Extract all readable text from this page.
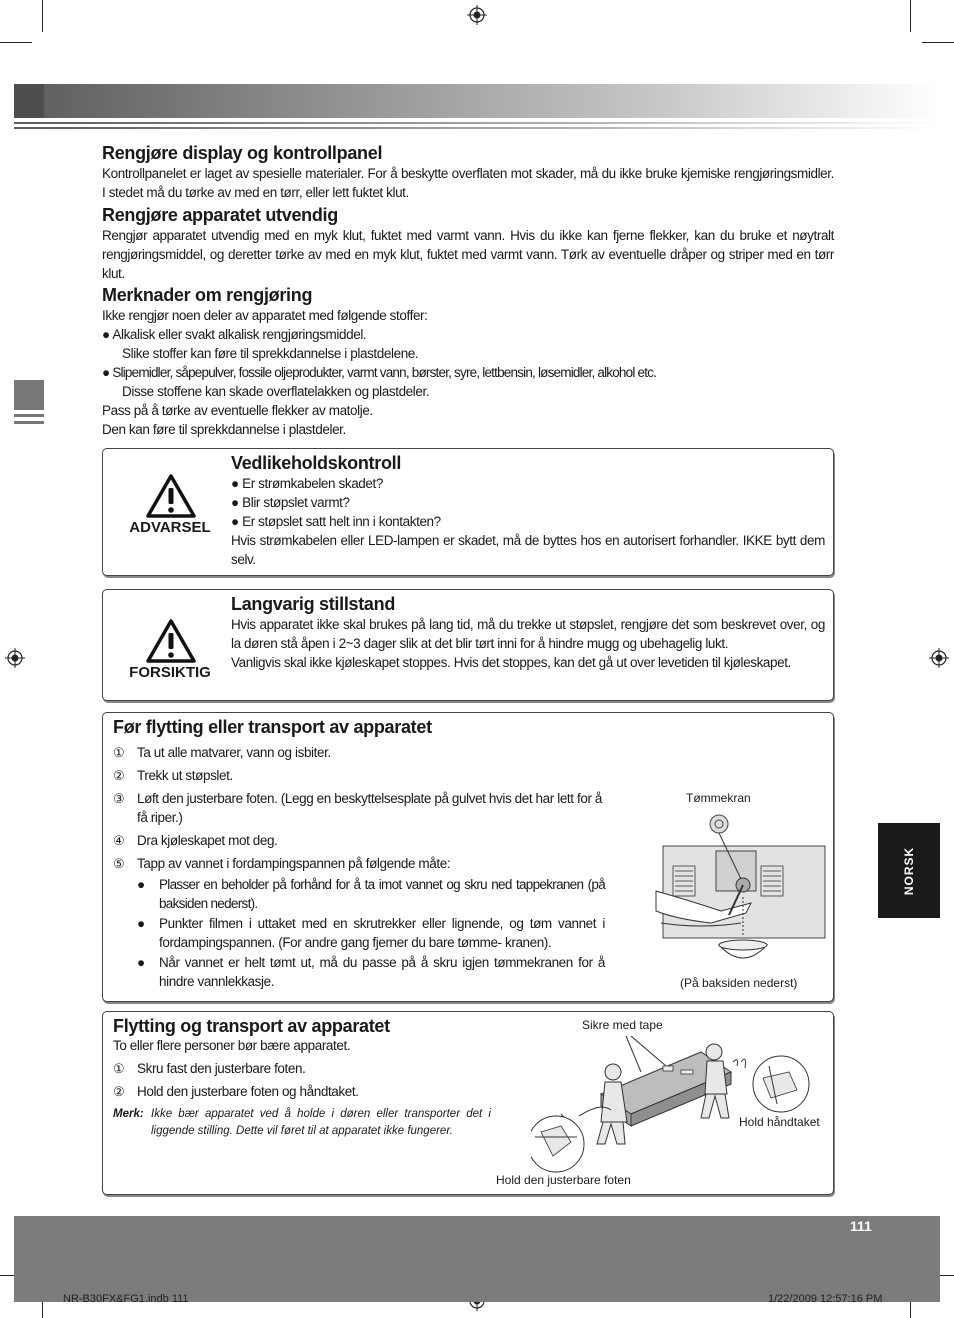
Rengjøre display og kontrollpanel
Kontrollpanelet er laget av spesielle materialer. For å beskytte overflaten mot skader, må du ikke bruke kjemiske rengjøringsmidler. I stedet må du tørke av med en tørr, eller lett fuktet klut.
Rengjøre apparatet utvendig
Rengjør apparatet utvendig med en myk klut, fuktet med varmt vann. Hvis du ikke kan fjerne flekker, kan du bruke et nøytralt rengjøringsmiddel, og deretter tørke av med en myk klut, fuktet med varmt vann. Tørk av eventuelle dråper og striper med en tørr klut.
Merknader om rengjøring
Ikke rengjør noen deler av apparatet med følgende stoffer:
● Alkalisk eller svakt alkalisk rengjøringsmiddel.
Slike stoffer kan føre til sprekkdannelse i plastdelene.
● Slipemidler, såpepulver, fossile oljeprodukter, varmt vann, børster, syre, lettbensin, løsemidler, alkohol etc.
Disse stoffene kan skade overflatelakken og plastdeler.
Pass på å tørke av eventuelle flekker av matolje.
Den kan føre til sprekkdannelse i plastdeler.
ADVARSEL
Vedlikeholdskontroll
● Er strømkabelen skadet?
● Blir støpslet varmt?
● Er støpslet satt helt inn i kontakten?
Hvis strømkabelen eller LED-lampen er skadet, må de byttes hos en autorisert forhandler. IKKE bytt dem selv.
FORSIKTIG
Langvarig stillstand
Hvis apparatet ikke skal brukes på lang tid, må du trekke ut støpslet, rengjøre det som beskrevet over, og la døren stå åpen i 2~3 dager slik at det blir tørt inni for å hindre mugg og ubehagelig lukt.
Vanligvis skal ikke kjøleskapet stoppes. Hvis det stoppes, kan det gå ut over levetiden til kjøleskapet.
Før flytting eller transport av apparatet
① Ta ut alle matvarer, vann og isbiter.
② Trekk ut støpslet.
③ Løft den justerbare foten. (Legg en beskyttelsesplate på gulvet hvis det har lett for å få riper.)
④ Dra kjøleskapet mot deg.
⑤ Tapp av vannet i fordampingspannen på følgende måte:
●	Plasser en beholder på forhånd for å ta imot vannet og skru ned tappekranen (på baksiden nederst).
●	Punkter filmen i uttaket med en skrutrekker eller lignende, og tøm vannet i fordampingspannen. (For andre gang fjerner du bare tømme- kranen).
●	Når vannet er helt tømt ut, må du passe på å skru igjen tømmekranen for å hindre vannlekkasje.
Tømmekran
(På baksiden nederst)
Flytting og transport av apparatet
To eller flere personer bør bære apparatet.
① Skru fast den justerbare foten.
② Hold den justerbare foten og håndtaket.
Merk: Ikke bær apparatet ved å holde i døren eller transporter det i liggende stilling. Dette vil føret til at apparatet ikke fungerer.
Sikre med tape
Hold håndtaket
Hold den justerbare foten
NORSK
111
NR-B30FX&FG1.indb 111	1/22/2009 12:57:16 PM
